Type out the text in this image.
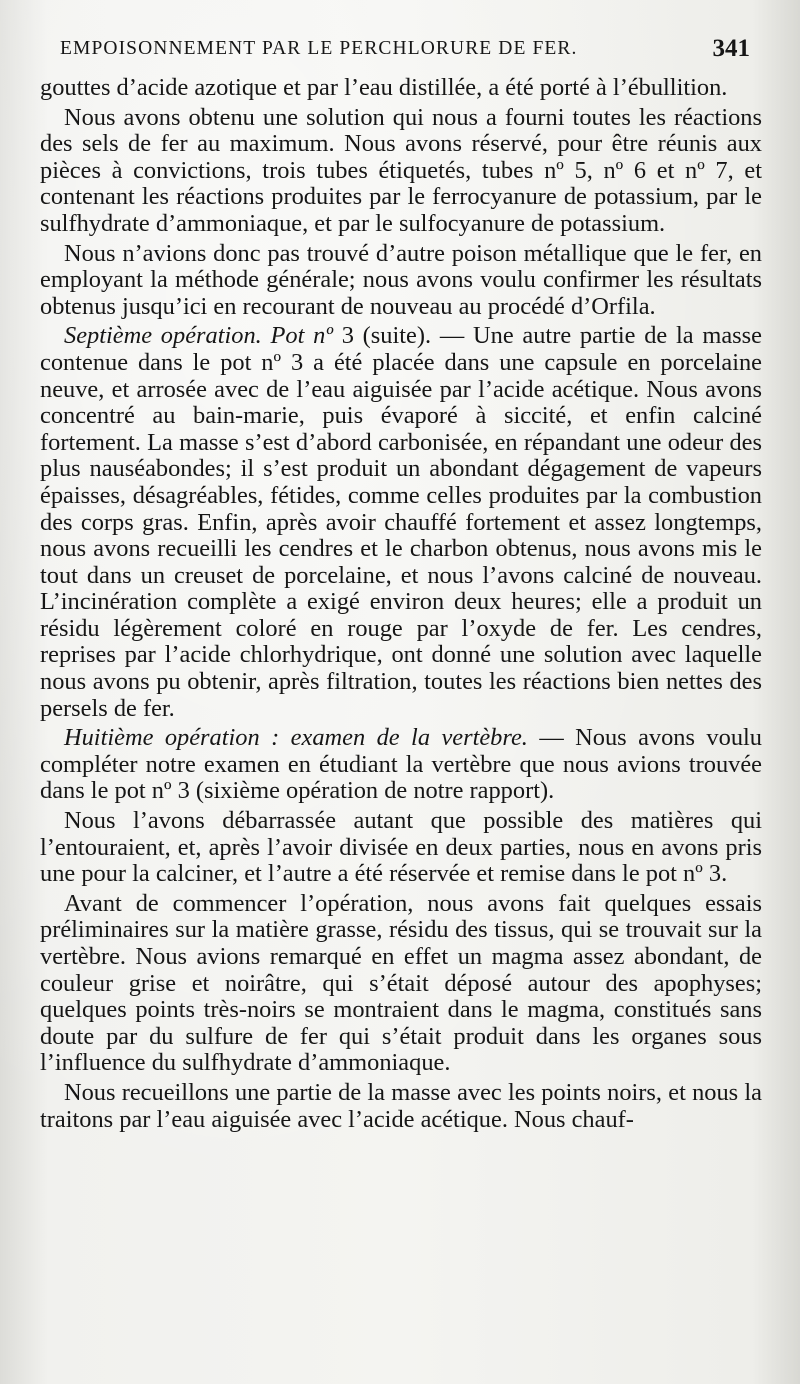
EMPOISONNEMENT PAR LE PERCHLORURE DE FER.	341

gouttes d’acide azotique et par l’eau distillée, a été porté à l’ébullition.

Nous avons obtenu une solution qui nous a fourni toutes les réactions des sels de fer au maximum. Nous avons réservé, pour être réunis aux pièces à convictions, trois tubes étiquetés, tubes nº 5, nº 6 et nº 7, et contenant les réactions produites par le ferrocyanure de potassium, par le sulfhydrate d’ammoniaque, et par le sulfocyanure de potassium.

Nous n’avions donc pas trouvé d’autre poison métallique que le fer, en employant la méthode générale; nous avons voulu confirmer les résultats obtenus jusqu’ici en recourant de nouveau au procédé d’Orfila.

Septième opération. Pot nº 3 (suite). — Une autre partie de la masse contenue dans le pot nº 3 a été placée dans une capsule en porcelaine neuve, et arrosée avec de l’eau aiguisée par l’acide acétique. Nous avons concentré au bain-marie, puis évaporé à siccité, et enfin calciné fortement. La masse s’est d’abord carbonisée, en répandant une odeur des plus nauséabondes; il s’est produit un abondant dégagement de vapeurs épaisses, désagréables, fétides, comme celles produites par la combustion des corps gras. Enfin, après avoir chauffé fortement et assez longtemps, nous avons recueilli les cendres et le charbon obtenus, nous avons mis le tout dans un creuset de porcelaine, et nous l’avons calciné de nouveau. L’incinération complète a exigé environ deux heures; elle a produit un résidu légèrement coloré en rouge par l’oxyde de fer. Les cendres, reprises par l’acide chlorhydrique, ont donné une solution avec laquelle nous avons pu obtenir, après filtration, toutes les réactions bien nettes des persels de fer.

Huitième opération : examen de la vertèbre. — Nous avons voulu compléter notre examen en étudiant la vertèbre que nous avions trouvée dans le pot nº 3 (sixième opération de notre rapport).

Nous l’avons débarrassée autant que possible des matières qui l’entouraient, et, après l’avoir divisée en deux parties, nous en avons pris une pour la calciner, et l’autre a été réservée et remise dans le pot nº 3.

Avant de commencer l’opération, nous avons fait quelques essais préliminaires sur la matière grasse, résidu des tissus, qui se trouvait sur la vertèbre. Nous avions remarqué en effet un magma assez abondant, de couleur grise et noirâtre, qui s’était déposé autour des apophyses; quelques points très-noirs se montraient dans le magma, constitués sans doute par du sulfure de fer qui s’était produit dans les organes sous l’influence du sulfhydrate d’ammoniaque.

Nous recueillons une partie de la masse avec les points noirs, et nous la traitons par l’eau aiguisée avec l’acide acétique. Nous chauf-
